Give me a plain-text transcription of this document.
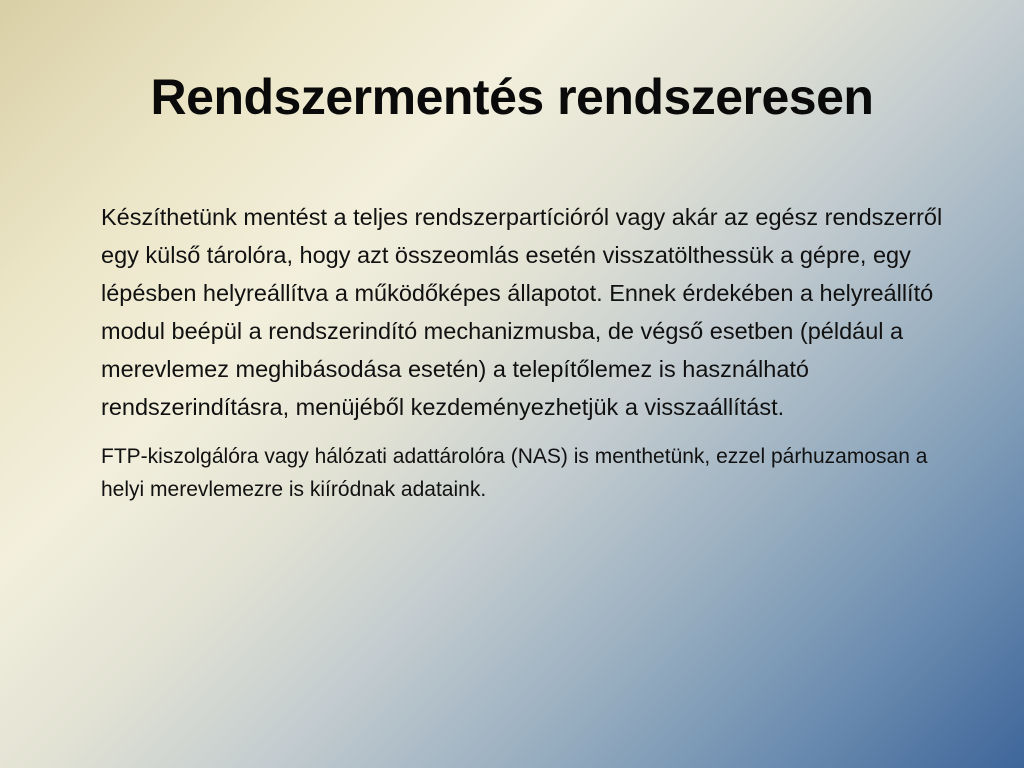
Rendszermentés rendszeresen

Készíthetünk mentést a teljes rendszerpartícióról vagy akár az egész rendszerről egy külső tárolóra, hogy azt összeomlás esetén visszatölthessük a gépre, egy lépésben helyreállítva a működőképes állapotot. Ennek érdekében a helyreállító modul beépül a rendszerindító mechanizmusba, de végső esetben (például a merevlemez meghibásodása esetén) a telepítőlemez is használható rendszerindításra, menüjéből kezdeményezhetjük a visszaállítást.

FTP-kiszolgálóra vagy hálózati adattárolóra (NAS) is menthetünk, ezzel párhuzamosan a helyi merevlemezre is kiíródnak adataink.
